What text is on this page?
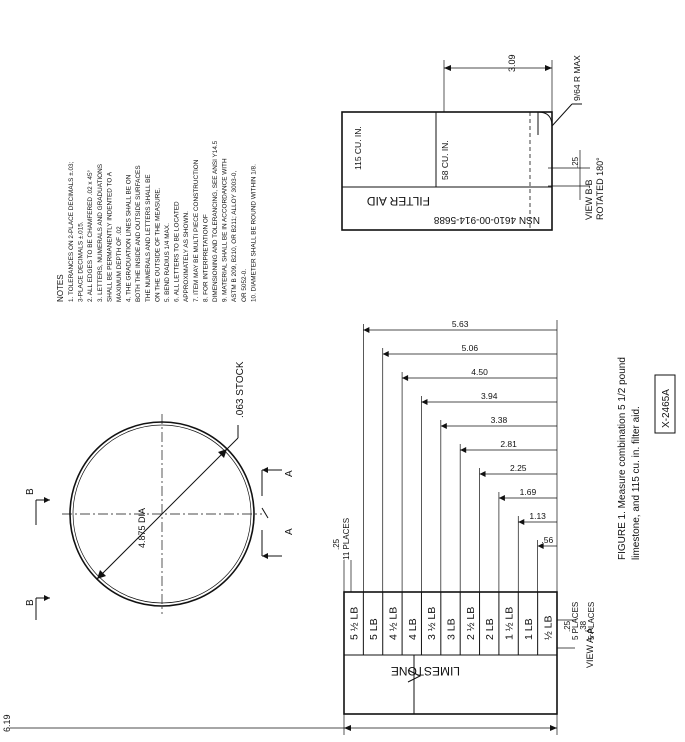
.063 STOCK
4.875 DIA
B
B
A
A
NOTES 1. TOLERANCES ON 2-PLACE DECIMALS ±.03; 3-PLACE DECIMALS ±.015. 2. ALL EDGES TO BE CHAMFERED .02 x 45° 3. LETTERS, NUMERALS AND GRADUATIONS SHALL BE PERMANENTLY INDENTED TO A MAXIMUM DEPTH OF .02 4. THE GRADUATION LINES SHALL BE ON BOTH THE INSIDE AND OUTSIDE SURFACES THE NUMERALS AND LETTERS SHALL BE ON THE OUTSIDE OF THE MEASURE. 5. BEND RADIUS 1/4 MAX. 6. ALL LETTERS TO BE LOCATED APPROXIMATELY AS SHOWN. 7. ITEM MAY BE MULTI PIECE CONSTRUCTION 8. FOR INTERPRETATION OF DIMENSIONING AND TOLERANCING, SEE ANSI Y14.5 9. MATERIAL SHALL BE IN ACCORDANCE WITH ASTM B 209, B210, OR B211; ALLOY 3003-0, OR 5052-0. 10. DIAMETER SHALL BE ROUND WITHIN 1/8.
115 CU. IN.	58 CU. IN.
FILTER AID
NSN 4610-00-914-5688
3.09	9/64 R MAX
.25
VIEW B-B ROTATED 180°
5 ½ LB 5 LB 4 ½ LB 4 LB 3 ½ LB 3 LB 2 ½ LB 2 LB 1 ½ LB 1 LB ½ LB
LIMESTONE
6.19
.25 11 PLACES
.25 5 PLACES .38 5 PLACES
VIEW A-A
5.63
5.06
4.50
3.94
3.38
2.81
2.25
1.69
1.13
.56	FIGURE 1. Measure combination 5 1/2 pound limestone, and 115 cu. in. filter aid. X-2465A
